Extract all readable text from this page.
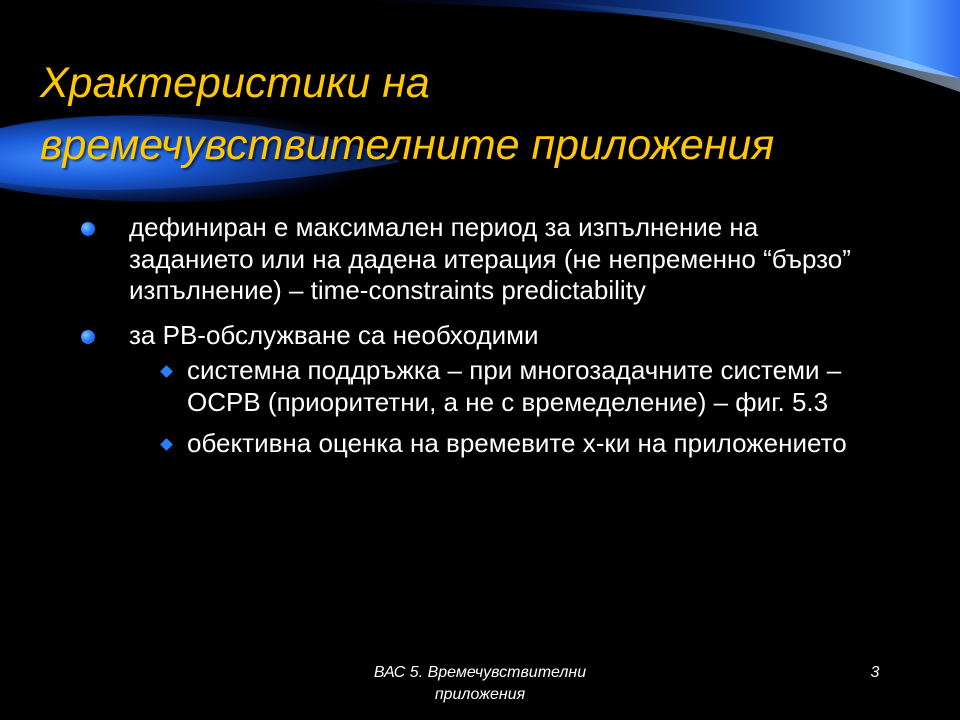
Храктеристики на
времечувствителните приложения
дефиниран е максимален период за изпълнение на заданието или на дадена итерация (не непременно “бързо” изпълнение) – time-constraints predictability
за РВ-обслужване са необходими
системна поддръжка – при многозадачните системи – ОСРВ (приоритетни, а не с времеделение) – фиг. 5.3
обективна оценка на времевите х-ки на приложението
ВАС 5. Времечувствителни
приложения
3
